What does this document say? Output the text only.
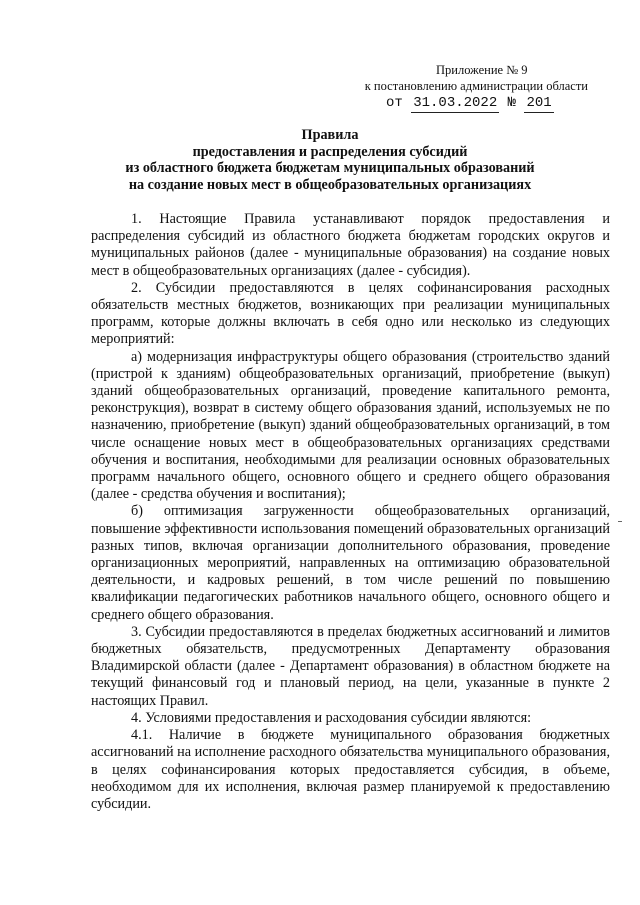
Приложение № 9
к постановлению администрации области
от 31.03.2022 № 201
Правила
предоставления и распределения субсидий
из областного бюджета бюджетам муниципальных образований
на создание новых мест в общеобразовательных организациях

1. Настоящие Правила устанавливают порядок предоставления и распределения субсидий из областного бюджета бюджетам городских округов и муниципальных районов (далее - муниципальные образования) на создание новых мест в общеобразовательных организациях (далее - субсидия).

2. Субсидии предоставляются в целях софинансирования расходных обязательств местных бюджетов, возникающих при реализации муниципальных программ, которые должны включать в себя одно или несколько из следующих мероприятий:

а) модернизация инфраструктуры общего образования (строительство зданий (пристрой к зданиям) общеобразовательных организаций, приобретение (выкуп) зданий общеобразовательных организаций, проведение капитального ремонта, реконструкция), возврат в систему общего образования зданий, используемых не по назначению, приобретение (выкуп) зданий общеобразовательных организаций, в том числе оснащение новых мест в общеобразовательных организациях средствами обучения и воспитания, необходимыми для реализации основных образовательных программ начального общего, основного общего и среднего общего образования (далее - средства обучения и воспитания);

б) оптимизация загруженности общеобразовательных организаций, повышение эффективности использования помещений образовательных организаций разных типов, включая организации дополнительного образования, проведение организационных мероприятий, направленных на оптимизацию образовательной деятельности, и кадровых решений, в том числе решений по повышению квалификации педагогических работников начального общего, основного общего и среднего общего образования.

3. Субсидии предоставляются в пределах бюджетных ассигнований и лимитов бюджетных обязательств, предусмотренных Департаменту образования Владимирской области (далее - Департамент образования) в областном бюджете на текущий финансовый год и плановый период, на цели, указанные в пункте 2 настоящих Правил.

4. Условиями предоставления и расходования субсидии являются:

4.1. Наличие в бюджете муниципального образования бюджетных ассигнований на исполнение расходного обязательства муниципального образования, в целях софинансирования которых предоставляется субсидия, в объеме, необходимом для их исполнения, включая размер планируемой к предоставлению субсидии.
